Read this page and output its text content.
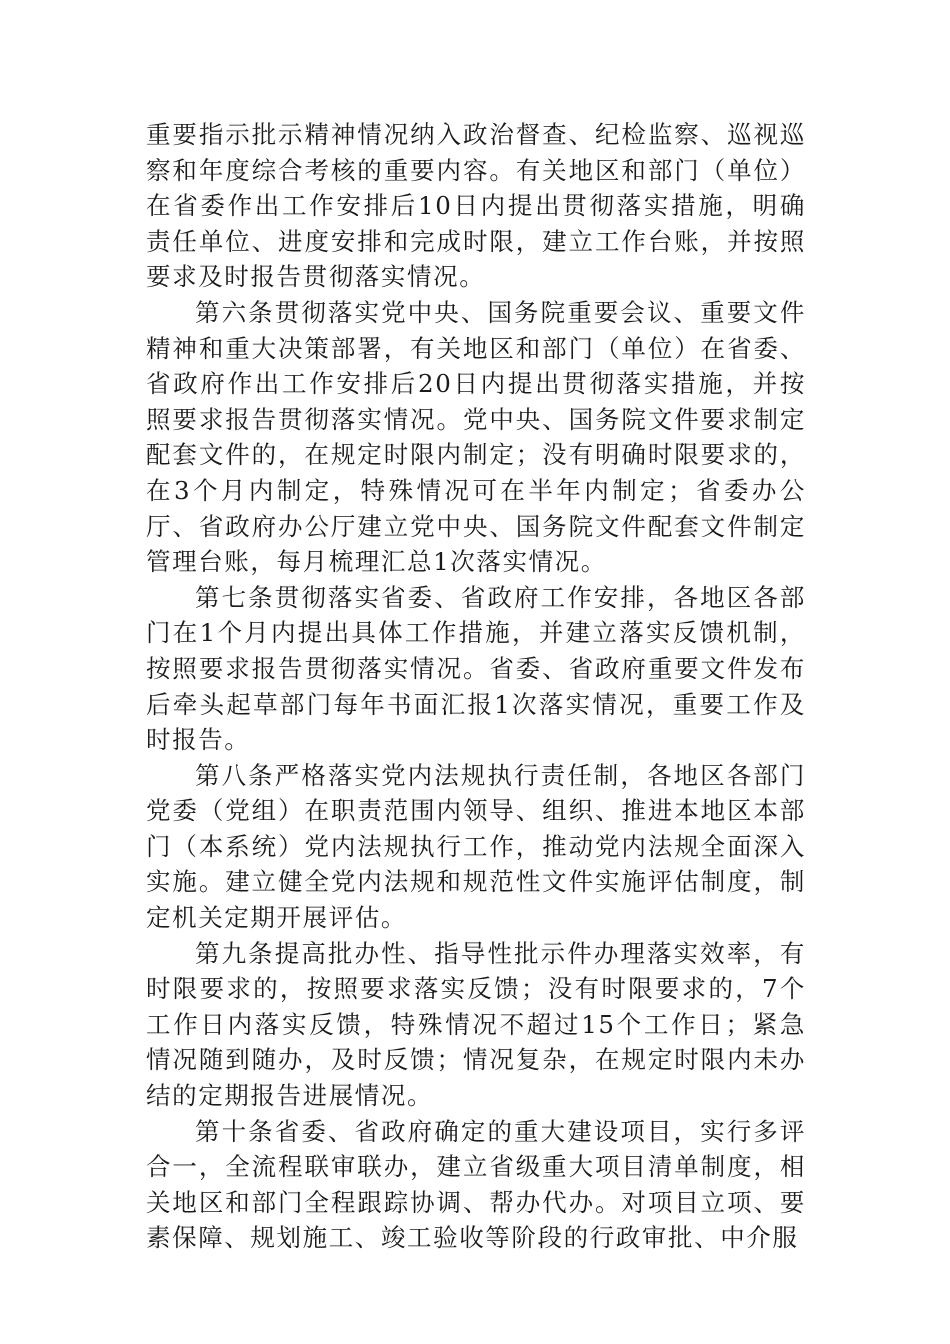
重要指示批示精神情况纳入政治督查、纪检监察、巡视巡察和年度综合考核的重要内容。有关地区和部门（单位）在省委作出工作安排后10日内提出贯彻落实措施，明确责任单位、进度安排和完成时限，建立工作台账，并按照要求及时报告贯彻落实情况。

第六条贯彻落实党中央、国务院重要会议、重要文件精神和重大决策部署，有关地区和部门（单位）在省委、省政府作出工作安排后20日内提出贯彻落实措施，并按照要求报告贯彻落实情况。党中央、国务院文件要求制定配套文件的，在规定时限内制定；没有明确时限要求的，在3个月内制定，特殊情况可在半年内制定；省委办公厅、省政府办公厅建立党中央、国务院文件配套文件制定管理台账，每月梳理汇总1次落实情况。

第七条贯彻落实省委、省政府工作安排，各地区各部门在1个月内提出具体工作措施，并建立落实反馈机制，按照要求报告贯彻落实情况。省委、省政府重要文件发布后牵头起草部门每年书面汇报1次落实情况，重要工作及时报告。

第八条严格落实党内法规执行责任制，各地区各部门党委（党组）在职责范围内领导、组织、推进本地区本部门（本系统）党内法规执行工作，推动党内法规全面深入实施。建立健全党内法规和规范性文件实施评估制度，制定机关定期开展评估。

第九条提高批办性、指导性批示件办理落实效率，有时限要求的，按照要求落实反馈；没有时限要求的，7个工作日内落实反馈，特殊情况不超过15个工作日；紧急情况随到随办，及时反馈；情况复杂，在规定时限内未办结的定期报告进展情况。

第十条省委、省政府确定的重大建设项目，实行多评合一，全流程联审联办，建立省级重大项目清单制度，相关地区和部门全程跟踪协调、帮办代办。对项目立项、要素保障、规划施工、竣工验收等阶段的行政审批、中介服
